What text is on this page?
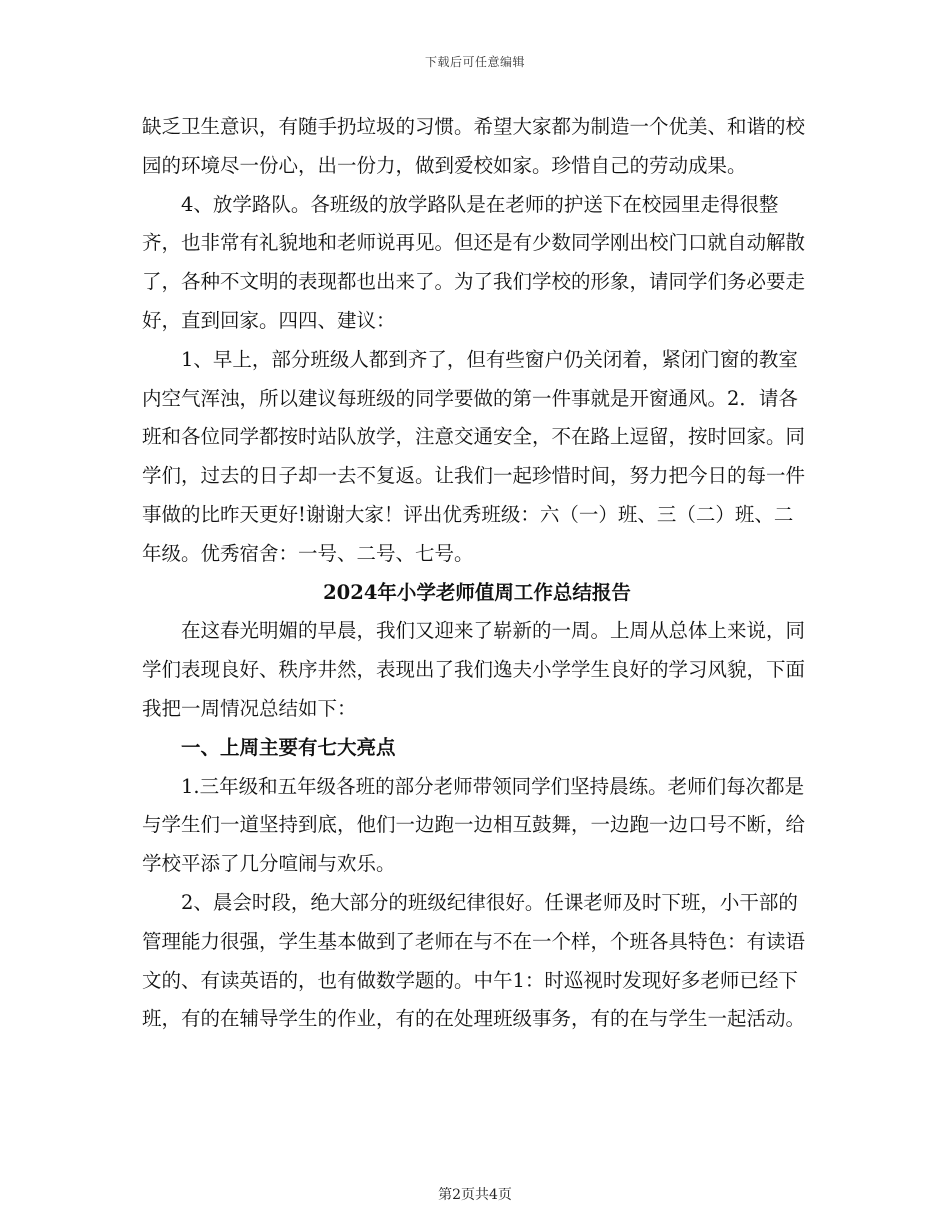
下载后可任意编辑

缺乏卫生意识，有随手扔垃圾的习惯。希望大家都为制造一个优美、和谐的校园的环境尽一份心，出一份力，做到爱校如家。珍惜自己的劳动成果。

4、放学路队。各班级的放学路队是在老师的护送下在校园里走得很整齐，也非常有礼貌地和老师说再见。但还是有少数同学刚出校门口就自动解散了，各种不文明的表现都也出来了。为了我们学校的形象，请同学们务必要走好，直到回家。四四、建议：

1、早上，部分班级人都到齐了，但有些窗户仍关闭着，紧闭门窗的教室内空气浑浊，所以建议每班级的同学要做的第一件事就是开窗通风。2．请各班和各位同学都按时站队放学，注意交通安全，不在路上逗留，按时回家。同学们，过去的日子却一去不复返。让我们一起珍惜时间，努力把今日的每一件事做的比昨天更好!谢谢大家！评出优秀班级：六（一）班、三（二）班、二年级。优秀宿舍：一号、二号、七号。

2024年小学老师值周工作总结报告

在这春光明媚的早晨，我们又迎来了崭新的一周。上周从总体上来说，同学们表现良好、秩序井然，表现出了我们逸夫小学学生良好的学习风貌，下面我把一周情况总结如下：

一、上周主要有七大亮点

1.三年级和五年级各班的部分老师带领同学们坚持晨练。老师们每次都是与学生们一道坚持到底，他们一边跑一边相互鼓舞，一边跑一边口号不断，给学校平添了几分喧闹与欢乐。

2、晨会时段，绝大部分的班级纪律很好。任课老师及时下班，小干部的管理能力很强，学生基本做到了老师在与不在一个样，个班各具特色：有读语文的、有读英语的，也有做数学题的。中午1：时巡视时发现好多老师已经下班，有的在辅导学生的作业，有的在处理班级事务，有的在与学生一起活动。

第2页共4页
